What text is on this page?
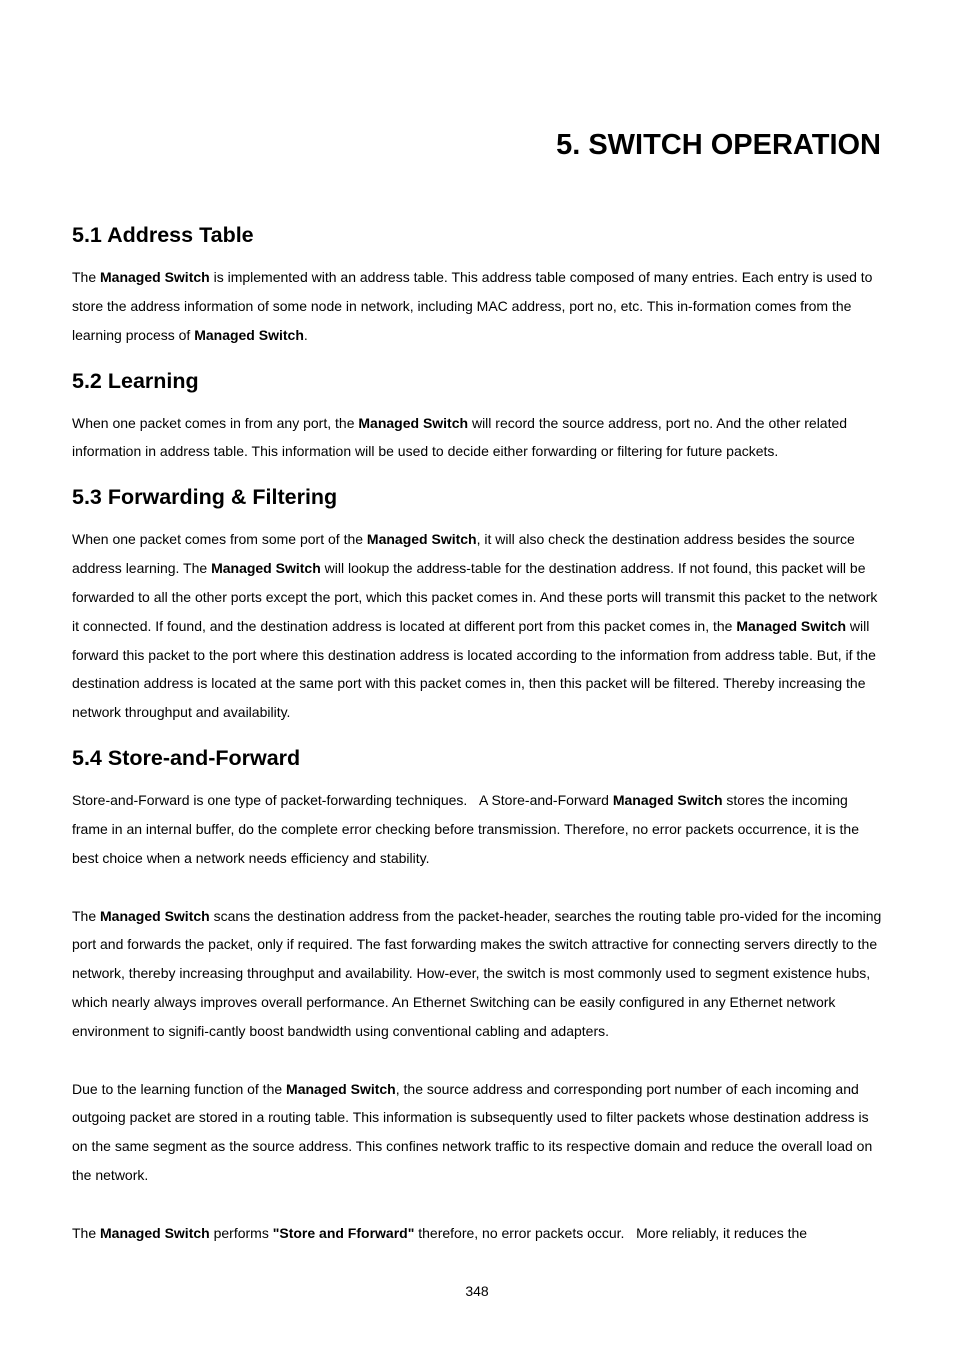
5. SWITCH OPERATION
5.1 Address Table

The Managed Switch is implemented with an address table. This address table composed of many entries. Each entry is used to store the address information of some node in network, including MAC address, port no, etc. This in-formation comes from the learning process of Managed Switch.

5.2 Learning

When one packet comes in from any port, the Managed Switch will record the source address, port no. And the other related information in address table. This information will be used to decide either forwarding or filtering for future packets.

5.3 Forwarding & Filtering

When one packet comes from some port of the Managed Switch, it will also check the destination address besides the source address learning. The Managed Switch will lookup the address-table for the destination address. If not found, this packet will be forwarded to all the other ports except the port, which this packet comes in. And these ports will transmit this packet to the network it connected. If found, and the destination address is located at different port from this packet comes in, the Managed Switch will forward this packet to the port where this destination address is located according to the information from address table. But, if the destination address is located at the same port with this packet comes in, then this packet will be filtered. Thereby increasing the network throughput and availability.

5.4 Store-and-Forward

Store-and-Forward is one type of packet-forwarding techniques.   A Store-and-Forward Managed Switch stores the incoming frame in an internal buffer, do the complete error checking before transmission. Therefore, no error packets occurrence, it is the best choice when a network needs efficiency and stability.

The Managed Switch scans the destination address from the packet-header, searches the routing table pro-vided for the incoming port and forwards the packet, only if required. The fast forwarding makes the switch attractive for connecting servers directly to the network, thereby increasing throughput and availability. How-ever, the switch is most commonly used to segment existence hubs, which nearly always improves overall performance. An Ethernet Switching can be easily configured in any Ethernet network environment to signifi-cantly boost bandwidth using conventional cabling and adapters.

Due to the learning function of the Managed Switch, the source address and corresponding port number of each incoming and outgoing packet are stored in a routing table. This information is subsequently used to filter packets whose destination address is on the same segment as the source address. This confines network traffic to its respective domain and reduce the overall load on the network.

The Managed Switch performs "Store and Fforward" therefore, no error packets occur.   More reliably, it reduces the

348
